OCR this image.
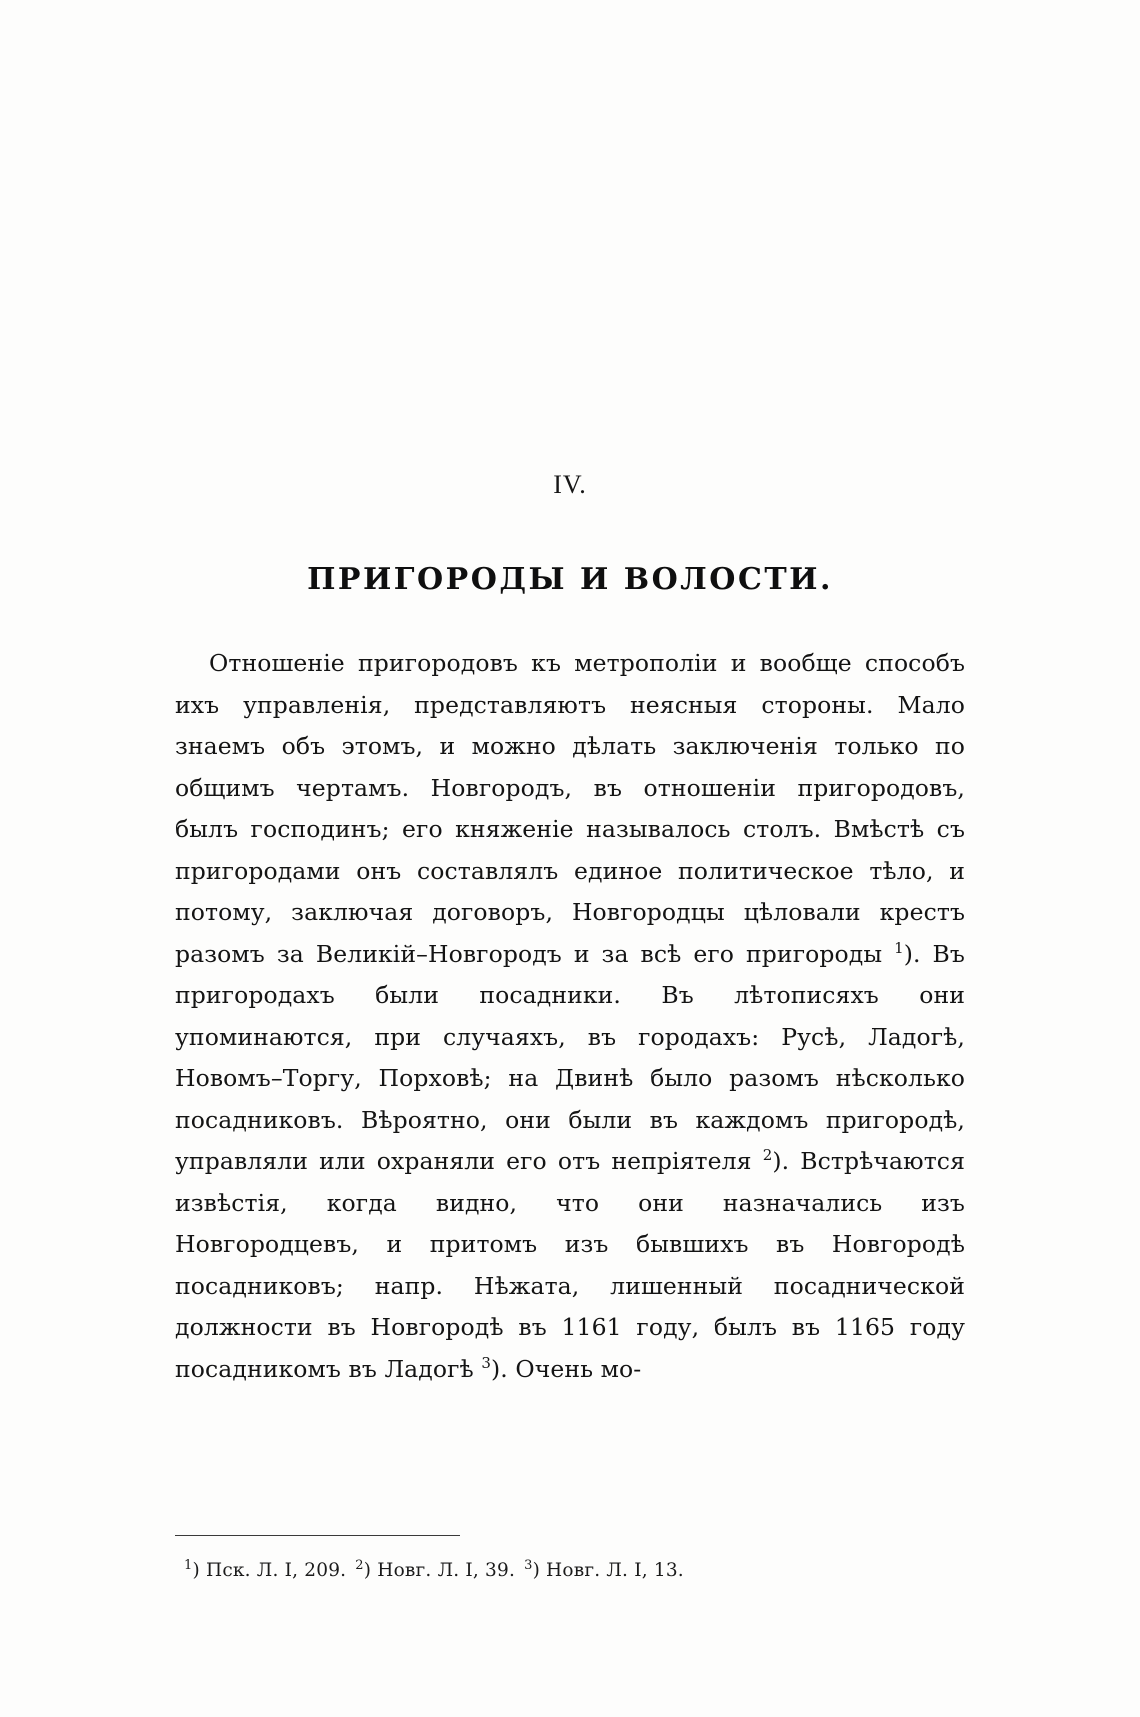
IV.
ПРИГОРОДЫ И ВОЛОСТИ.

Отношеніе пригородовъ къ метрополіи и вообще способъ ихъ управленія, представляютъ неясныя стороны. Мало знаемъ объ этомъ, и можно дѣлать заключенія только по общимъ чертамъ. Новгородъ, въ отношеніи пригородовъ, былъ господинъ; его княженіе называлось столъ. Вмѣстѣ съ пригородами онъ составлялъ единое политическое тѣло, и потому, заключая договоръ, Новгородцы цѣловали крестъ разомъ за Великій–Новгородъ и за всѣ его пригороды $^1$). Въ пригородахъ были посадники. Въ лѣтописяхъ они упоминаются, при случаяхъ, въ городахъ: Русѣ, Ладогѣ, Новомъ–Торгу, Порховѣ; на Двинѣ было разомъ нѣсколько посадниковъ. Вѣроятно, они были въ каждомъ пригородѣ, управляли или охраняли его отъ непріятеля $^2$). Встрѣчаются извѣстія, когда видно, что они назначались изъ Новгородцевъ, и притомъ изъ бывшихъ въ Новгородѣ посадниковъ; напр. Нѣжата, лишенный посаднической должности въ Новгородѣ въ 1161 году, былъ въ 1165 году посадникомъ въ Ладогѣ $^3$). Очень мо-

$^1$) Пск. Л. I, 209. $^2$) Новг. Л. I, 39. $^3$) Новг. Л. I, 13.
